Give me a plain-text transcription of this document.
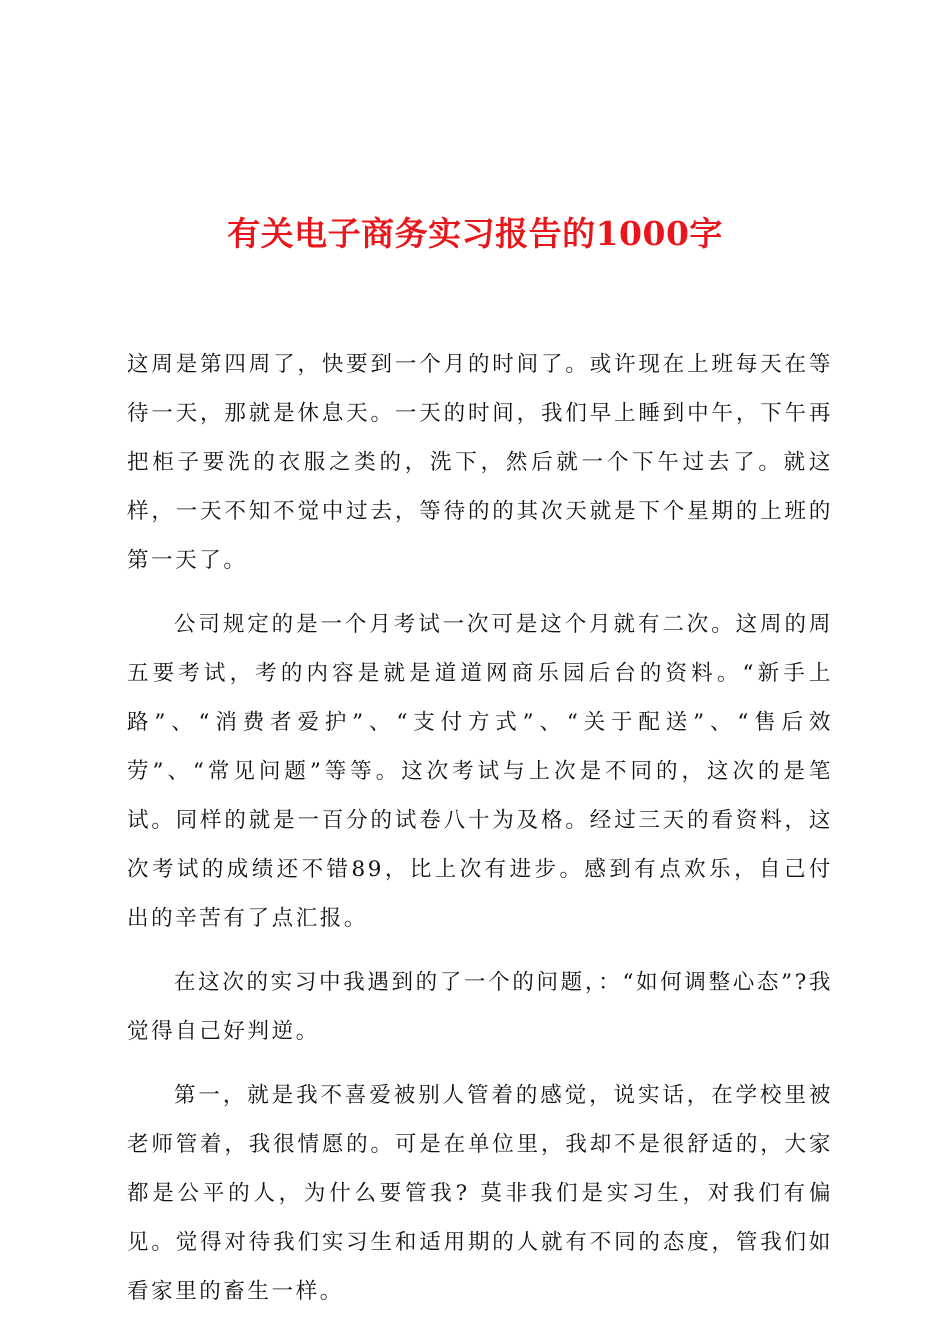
有关电子商务实习报告的1000字

这周是第四周了，快要到一个月的时间了。或许现在上班每天在等待一天，那就是休息天。一天的时间，我们早上睡到中午，下午再把柜子要洗的衣服之类的，洗下，然后就一个下午过去了。就这样，一天不知不觉中过去，等待的的其次天就是下个星期的上班的第一天了。

公司规定的是一个月考试一次可是这个月就有二次。这周的周五要考试，考的内容是就是道道网商乐园后台的资料。“新手上路”、“消费者爱护”、“支付方式”、“关于配送”、“售后效劳”、“常见问题”等等。这次考试与上次是不同的，这次的是笔试。同样的就是一百分的试卷八十为及格。经过三天的看资料，这次考试的成绩还不错89，比上次有进步。感到有点欢乐，自己付出的辛苦有了点汇报。

在这次的实习中我遇到的了一个的问题，：“如何调整心态”?我觉得自己好判逆。

第一，就是我不喜爱被别人管着的感觉，说实话，在学校里被老师管着，我很情愿的。可是在单位里，我却不是很舒适的，大家都是公平的人，为什么要管我? 莫非我们是实习生，对我们有偏见。觉得对待我们实习生和适用期的人就有不同的态度，管我们如看家里的畜生一样。
